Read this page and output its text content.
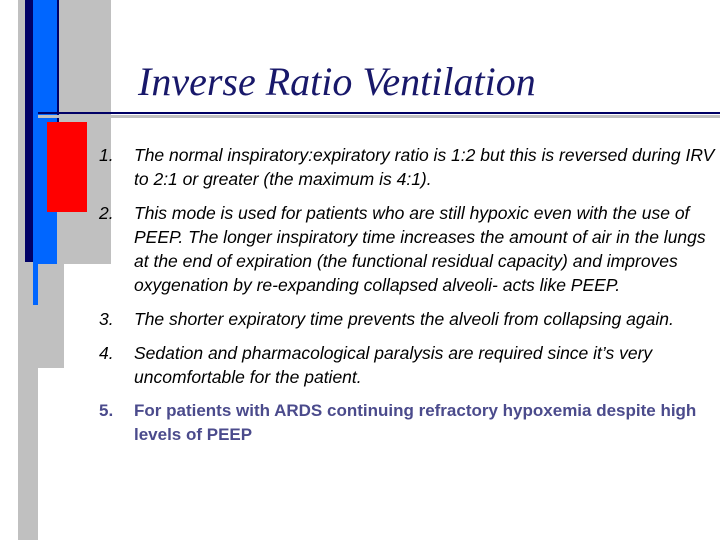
Inverse Ratio Ventilation
1. The normal inspiratory:expiratory ratio is 1:2 but this is reversed during IRV to 2:1 or greater (the maximum is 4:1).
2. This mode is used for patients who are still hypoxic even with the use of PEEP. The longer inspiratory time increases the amount of air in the lungs at the end of expiration (the functional residual capacity) and improves oxygenation by re-expanding collapsed alveoli- acts like PEEP.
3. The shorter expiratory time prevents the alveoli from collapsing again.
4. Sedation and pharmacological paralysis are required since it’s very uncomfortable for the patient.
5. For patients with ARDS continuing refractory hypoxemia despite high levels of PEEP
